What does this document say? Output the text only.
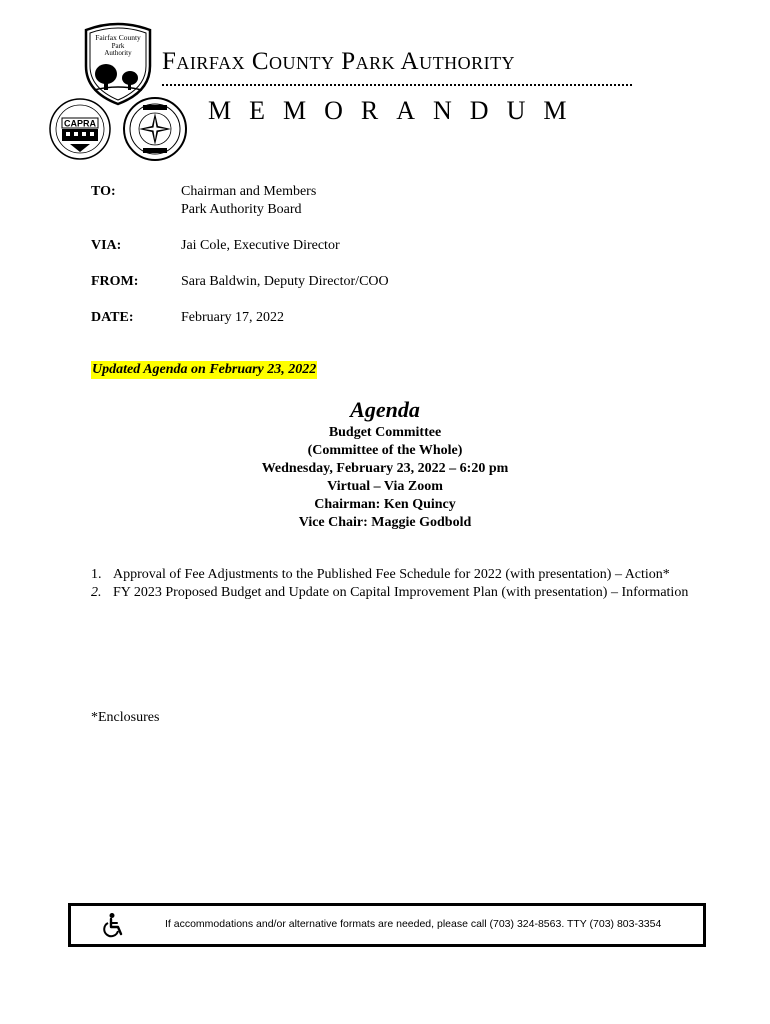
Fairfax County
Park
Authority
CAPRA
Fairfax County Park Authority
MEMORANDUM
TO:	Chairman and Members
Park Authority Board
VIA:	Jai Cole, Executive Director
FROM:	Sara Baldwin, Deputy Director/COO
DATE:	February 17, 2022
Updated Agenda on February 23, 2022
Agenda
Budget Committee
(Committee of the Whole)
Wednesday, February 23, 2022 – 6:20 pm
Virtual – Via Zoom
Chairman: Ken Quincy
Vice Chair: Maggie Godbold
1. Approval of Fee Adjustments to the Published Fee Schedule for 2022 (with presentation) – Action*
2. FY 2023 Proposed Budget and Update on Capital Improvement Plan (with presentation) – Information
*Enclosures
If accommodations and/or alternative formats are needed, please call (703) 324-8563. TTY (703) 803-3354
